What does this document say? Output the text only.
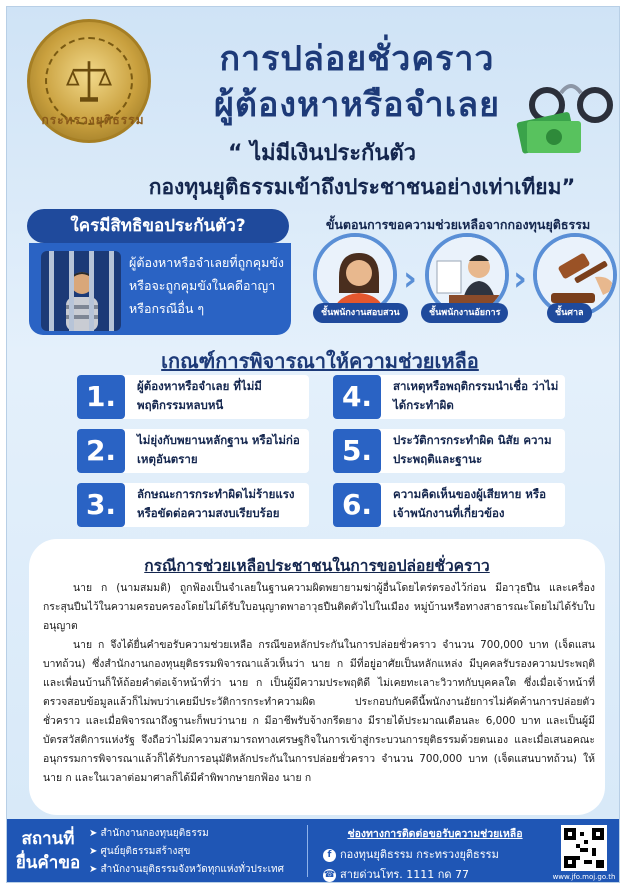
กระทรวงยุติธรรม
การปล่อยชั่วคราว
ผู้ต้องหาหรือจำเลย
“ ไม่มีเงินประกันตัว
กองทุนยุติธรรมเข้าถึงประชาชนอย่างเท่าเทียม”
ผู้ต้องหาหรือจำเลยที่ถูกคุมขัง หรือจะถูกคุมขังในคดีอาญา หรือกรณีอื่น ๆ
ใครมีสิทธิขอประกันตัว?	ขั้นตอนการขอความช่วยเหลือจากกองทุนยุติธรรม
›	›
ชั้นพนักงานสอบสวน	ชั้นพนักงานอัยการ	ชั้นศาล
เกณฑ์การพิจารณาให้ความช่วยเหลือ
1.	ผู้ต้องหาหรือจำเลย ที่ไม่มีพฤติกรรมหลบหนี
2.	ไม่ยุ่งกับพยานหลักฐาน หรือไม่ก่อเหตุอันตราย
3.	ลักษณะการกระทำผิดไม่ร้ายแรง หรือขัดต่อความสงบเรียบร้อย
4.	สาเหตุหรือพฤติกรรมนำเชื่อ ว่าไม่ได้กระทำผิด
5.	ประวัติการกระทำผิด นิสัย ความประพฤติและฐานะ
6.	ความคิดเห็นของผู้เสียหาย หรือเจ้าพนักงานที่เกี่ยวข้อง
กรณีการช่วยเหลือประชาชนในการขอปล่อยชั่วคราว

นาย ก (นามสมมติ) ถูกฟ้องเป็นจำเลยในฐานความผิดพยายามฆ่าผู้อื่นโดยไตร่ตรองไว้ก่อน มีอาวุธปืน และเครื่องกระสุนปืนไว้ในความครอบครองโดยไม่ได้รับใบอนุญาตพาอาวุธปืนติดตัวไปในเมือง หมู่บ้านหรือทางสาธารณะโดยไม่ได้รับใบอนุญาต

นาย ก จึงได้ยื่นคำขอรับความช่วยเหลือ กรณีขอหลักประกันในการปล่อยชั่วคราว จำนวน 700,000 บาท (เจ็ดแสนบาทถ้วน) ซึ่งสำนักงานกองทุนยุติธรรมพิจารณาแล้วเห็นว่า นาย ก มีที่อยู่อาศัยเป็นหลักแหล่ง มีบุคคลรับรองความประพฤติ และเพื่อนบ้านก็ให้ถ้อยคำต่อเจ้าหน้าที่ว่า นาย ก เป็นผู้มีความประพฤติดี ไม่เคยทะเลาะวิวาทกับบุคคลใด ซึ่งเมื่อเจ้าหน้าที่ตรวจสอบข้อมูลแล้วก็ไม่พบว่าเคยมีประวัติการกระทำความผิด ประกอบกับคดีนี้พนักงานอัยการไม่คัดค้านการปล่อยตัวชั่วคราว และเมื่อพิจารณาถึงฐานะก็พบว่านาย ก มีอาชีพรับจ้างกรีดยาง มีรายได้ประมาณเดือนละ 6,000 บาท และเป็นผู้มีบัตรสวัสดิการแห่งรัฐ จึงถือว่าไม่มีความสามารถทางเศรษฐกิจในการเข้าสู่กระบวนการยุติธรรมด้วยตนเอง และเมื่อเสนอคณะอนุกรรมการพิจารณาแล้วก็ได้รับการอนุมัติหลักประกันในการปล่อยชั่วคราว จำนวน 700,000 บาท (เจ็ดแสนบาทถ้วน) ให้นาย ก และในเวลาต่อมาศาลก็ได้มีคำพิพากษายกฟ้อง นาย ก

สถานที่
ยื่นคำขอ
➤ สำนักงานกองทุนยุติธรรม
➤ ศูนย์ยุติธรรมสร้างสุข
➤ สำนักงานยุติธรรมจังหวัดทุกแห่งทั่วประเทศ
ช่องทางการติดต่อขอรับความช่วยเหลือ
f กองทุนยุติธรรม กระทรวงยุติธรรม
☎ สายด่วนโทร. 1111 กด 77	www.jfo.moj.go.th
